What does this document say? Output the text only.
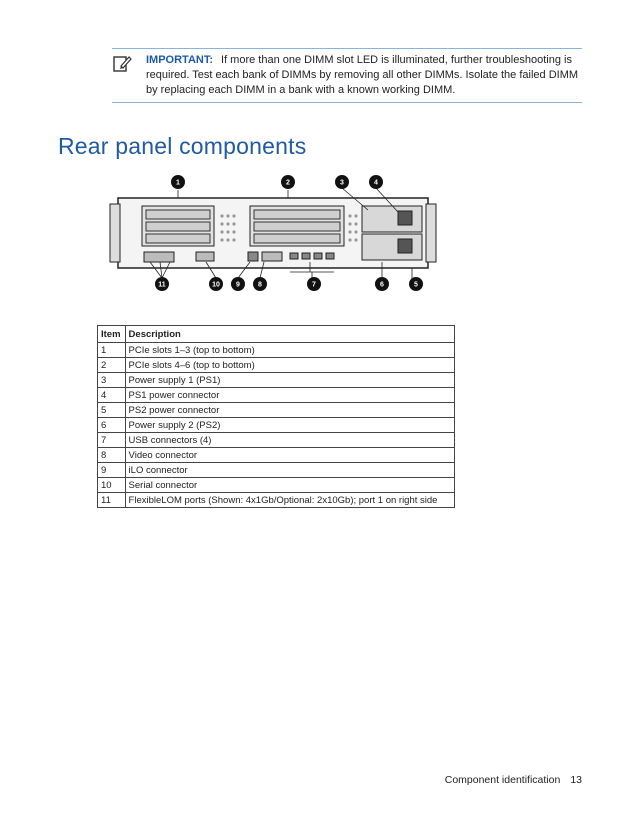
IMPORTANT: If more than one DIMM slot LED is illuminated, further troubleshooting is required. Test each bank of DIMMs by removing all other DIMMs. Isolate the failed DIMM by replacing each DIMM in a bank with a known working DIMM.
Rear panel components
1	2	3	4
5
6
7
8
9
10
11
Item	Description
1	PCIe slots 1–3 (top to bottom)
2	PCIe slots 4–6 (top to bottom)
3	Power supply 1 (PS1)
4	PS1 power connector
5	PS2 power connector
6	Power supply 2 (PS2)
7	USB connectors (4)
8	Video connector
9	iLO connector
10	Serial connector
11	FlexibleLOM ports (Shown: 4x1Gb/Optional: 2x10Gb); port 1 on right side
Component identification 13
